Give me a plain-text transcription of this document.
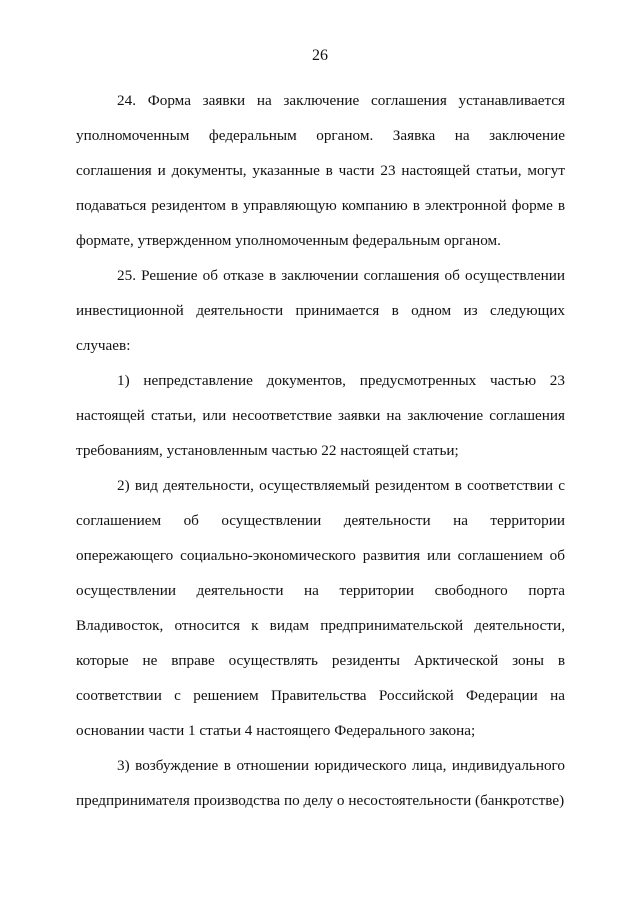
26

24. Форма заявки на заключение соглашения устанавливается уполномоченным федеральным органом. Заявка на заключение соглашения и документы, указанные в части 23 настоящей статьи, могут подаваться резидентом в управляющую компанию в электронной форме в формате, утвержденном уполномоченным федеральным органом.

25. Решение об отказе в заключении соглашения об осуществлении инвестиционной деятельности принимается в одном из следующих случаев:

1) непредставление документов, предусмотренных частью 23 настоящей статьи, или несоответствие заявки на заключение соглашения требованиям, установленным частью 22 настоящей статьи;

2) вид деятельности, осуществляемый резидентом в соответствии с соглашением об осуществлении деятельности на территории опережающего социально-экономического развития или соглашением об осуществлении деятельности на территории свободного порта Владивосток, относится к видам предпринимательской деятельности, которые не вправе осуществлять резиденты Арктической зоны в соответствии с решением Правительства Российской Федерации на основании части 1 статьи 4 настоящего Федерального закона;

3) возбуждение в отношении юридического лица, индивидуального предпринимателя производства по делу о несостоятельности (банкротстве)
